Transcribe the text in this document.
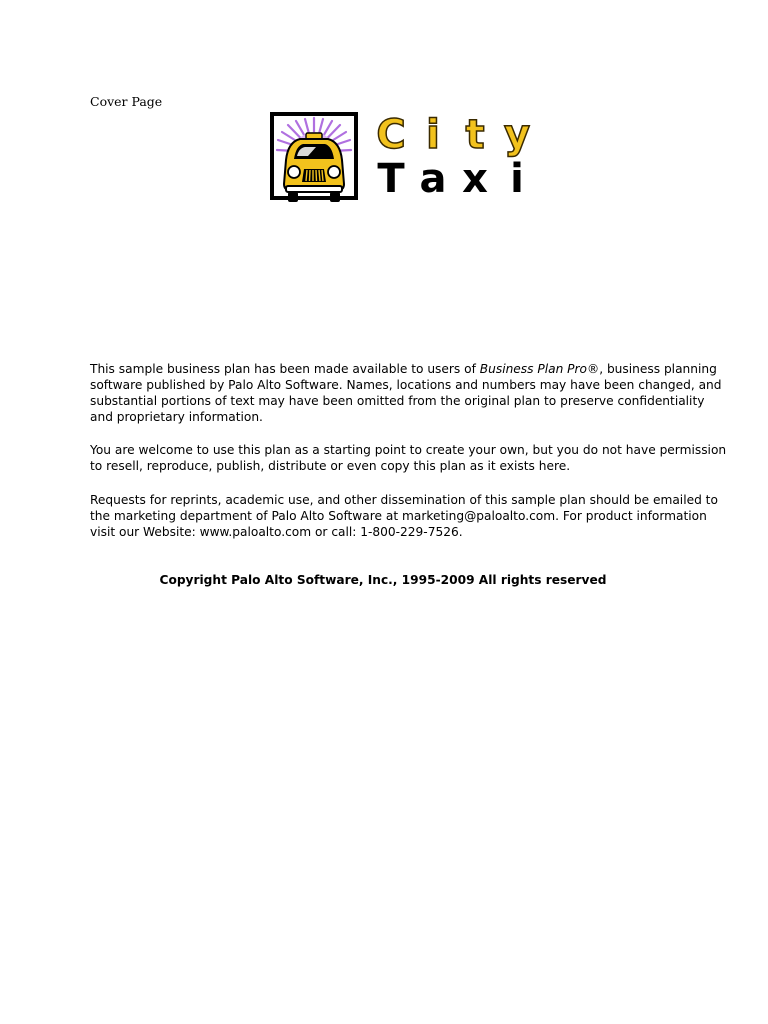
Cover Page
C i t y
T a x i

This sample business plan has been made available to users of Business Plan Pro®, business planning software published by Palo Alto Software. Names, locations and numbers may have been changed, and substantial portions of text may have been omitted from the original plan to preserve confidentiality and proprietary information.

You are welcome to use this plan as a starting point to create your own, but you do not have permission to resell, reproduce, publish, distribute or even copy this plan as it exists here.

Requests for reprints, academic use, and other dissemination of this sample plan should be emailed to the marketing department of Palo Alto Software at marketing@paloalto.com. For product information visit our Website: www.paloalto.com or call: 1-800-229-7526.

Copyright Palo Alto Software, Inc., 1995-2009 All rights reserved
